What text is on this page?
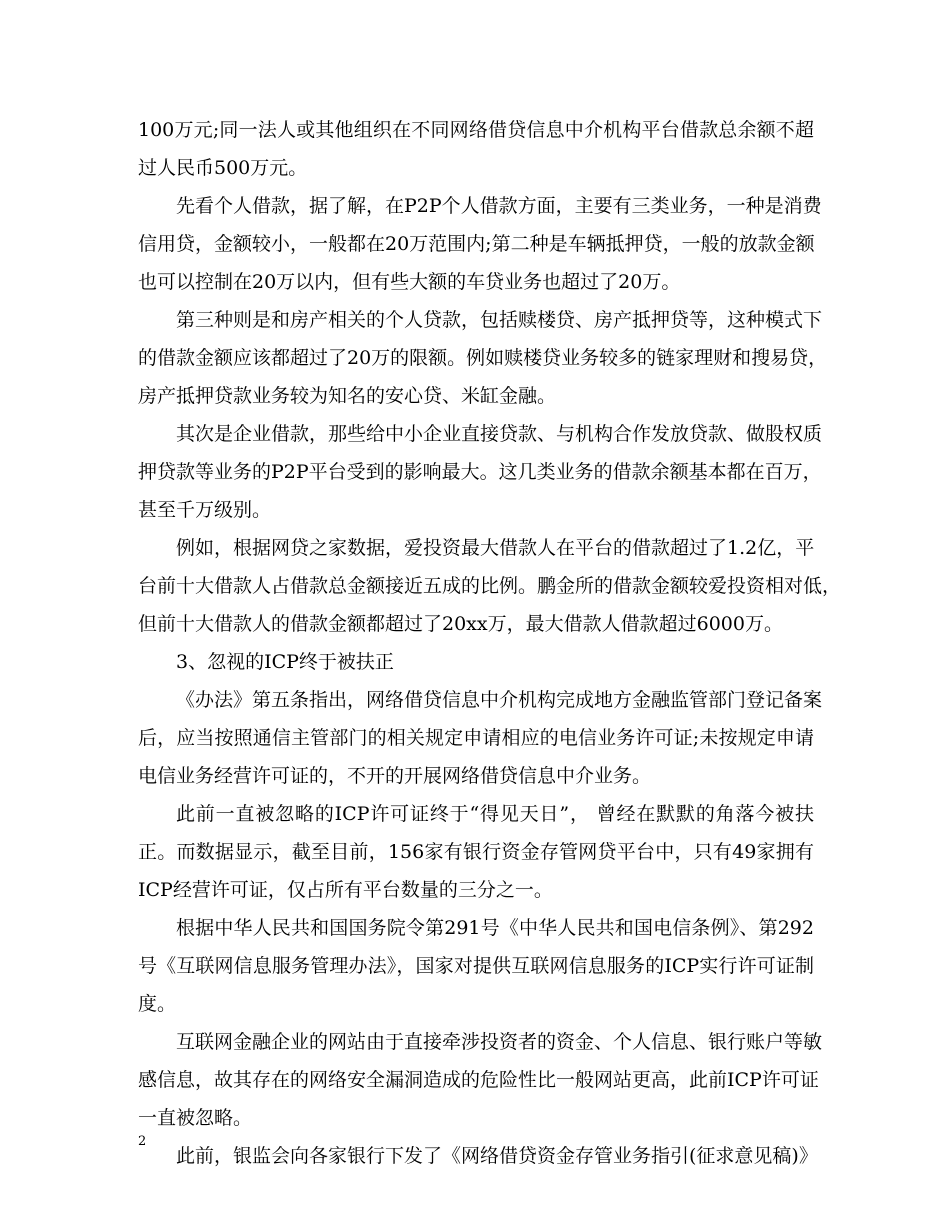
100万元;同一法人或其他组织在不同网络借贷信息中介机构平台借款总余额不超
过人民币500万元。
先看个人借款，据了解，在P2P个人借款方面，主要有三类业务，一种是消费
信用贷，金额较小，一般都在20万范围内;第二种是车辆抵押贷，一般的放款金额
也可以控制在20万以内，但有些大额的车贷业务也超过了20万。
第三种则是和房产相关的个人贷款，包括赎楼贷、房产抵押贷等，这种模式下
的借款金额应该都超过了20万的限额。例如赎楼贷业务较多的链家理财和搜易贷，
房产抵押贷款业务较为知名的安心贷、米缸金融。
其次是企业借款，那些给中小企业直接贷款、与机构合作发放贷款、做股权质
押贷款等业务的P2P平台受到的影响最大。这几类业务的借款余额基本都在百万，
甚至千万级别。
例如，根据网贷之家数据，爱投资最大借款人在平台的借款超过了1.2亿，平
台前十大借款人占借款总金额接近五成的比例。鹏金所的借款金额较爱投资相对低，
但前十大借款人的借款金额都超过了20xx万，最大借款人借款超过6000万。
3、忽视的ICP终于被扶正
《办法》第五条指出，网络借贷信息中介机构完成地方金融监管部门登记备案
后，应当按照通信主管部门的相关规定申请相应的电信业务许可证;未按规定申请
电信业务经营许可证的，不开的开展网络借贷信息中介业务。
此前一直被忽略的ICP许可证终于“得见天日”， 曾经在默默的角落今被扶
正。而数据显示，截至目前，156家有银行资金存管网贷平台中，只有49家拥有
ICP经营许可证，仅占所有平台数量的三分之一。
根据中华人民共和国国务院令第291号《中华人民共和国电信条例》、第292
号《互联网信息服务管理办法》，国家对提供互联网信息服务的ICP实行许可证制
度。
互联网金融企业的网站由于直接牵涉投资者的资金、个人信息、银行账户等敏
感信息，故其存在的网络安全漏洞造成的危险性比一般网站更高，此前ICP许可证
一直被忽略。
此前，银监会向各家银行下发了《网络借贷资金存管业务指引(征求意见稿)》
2
